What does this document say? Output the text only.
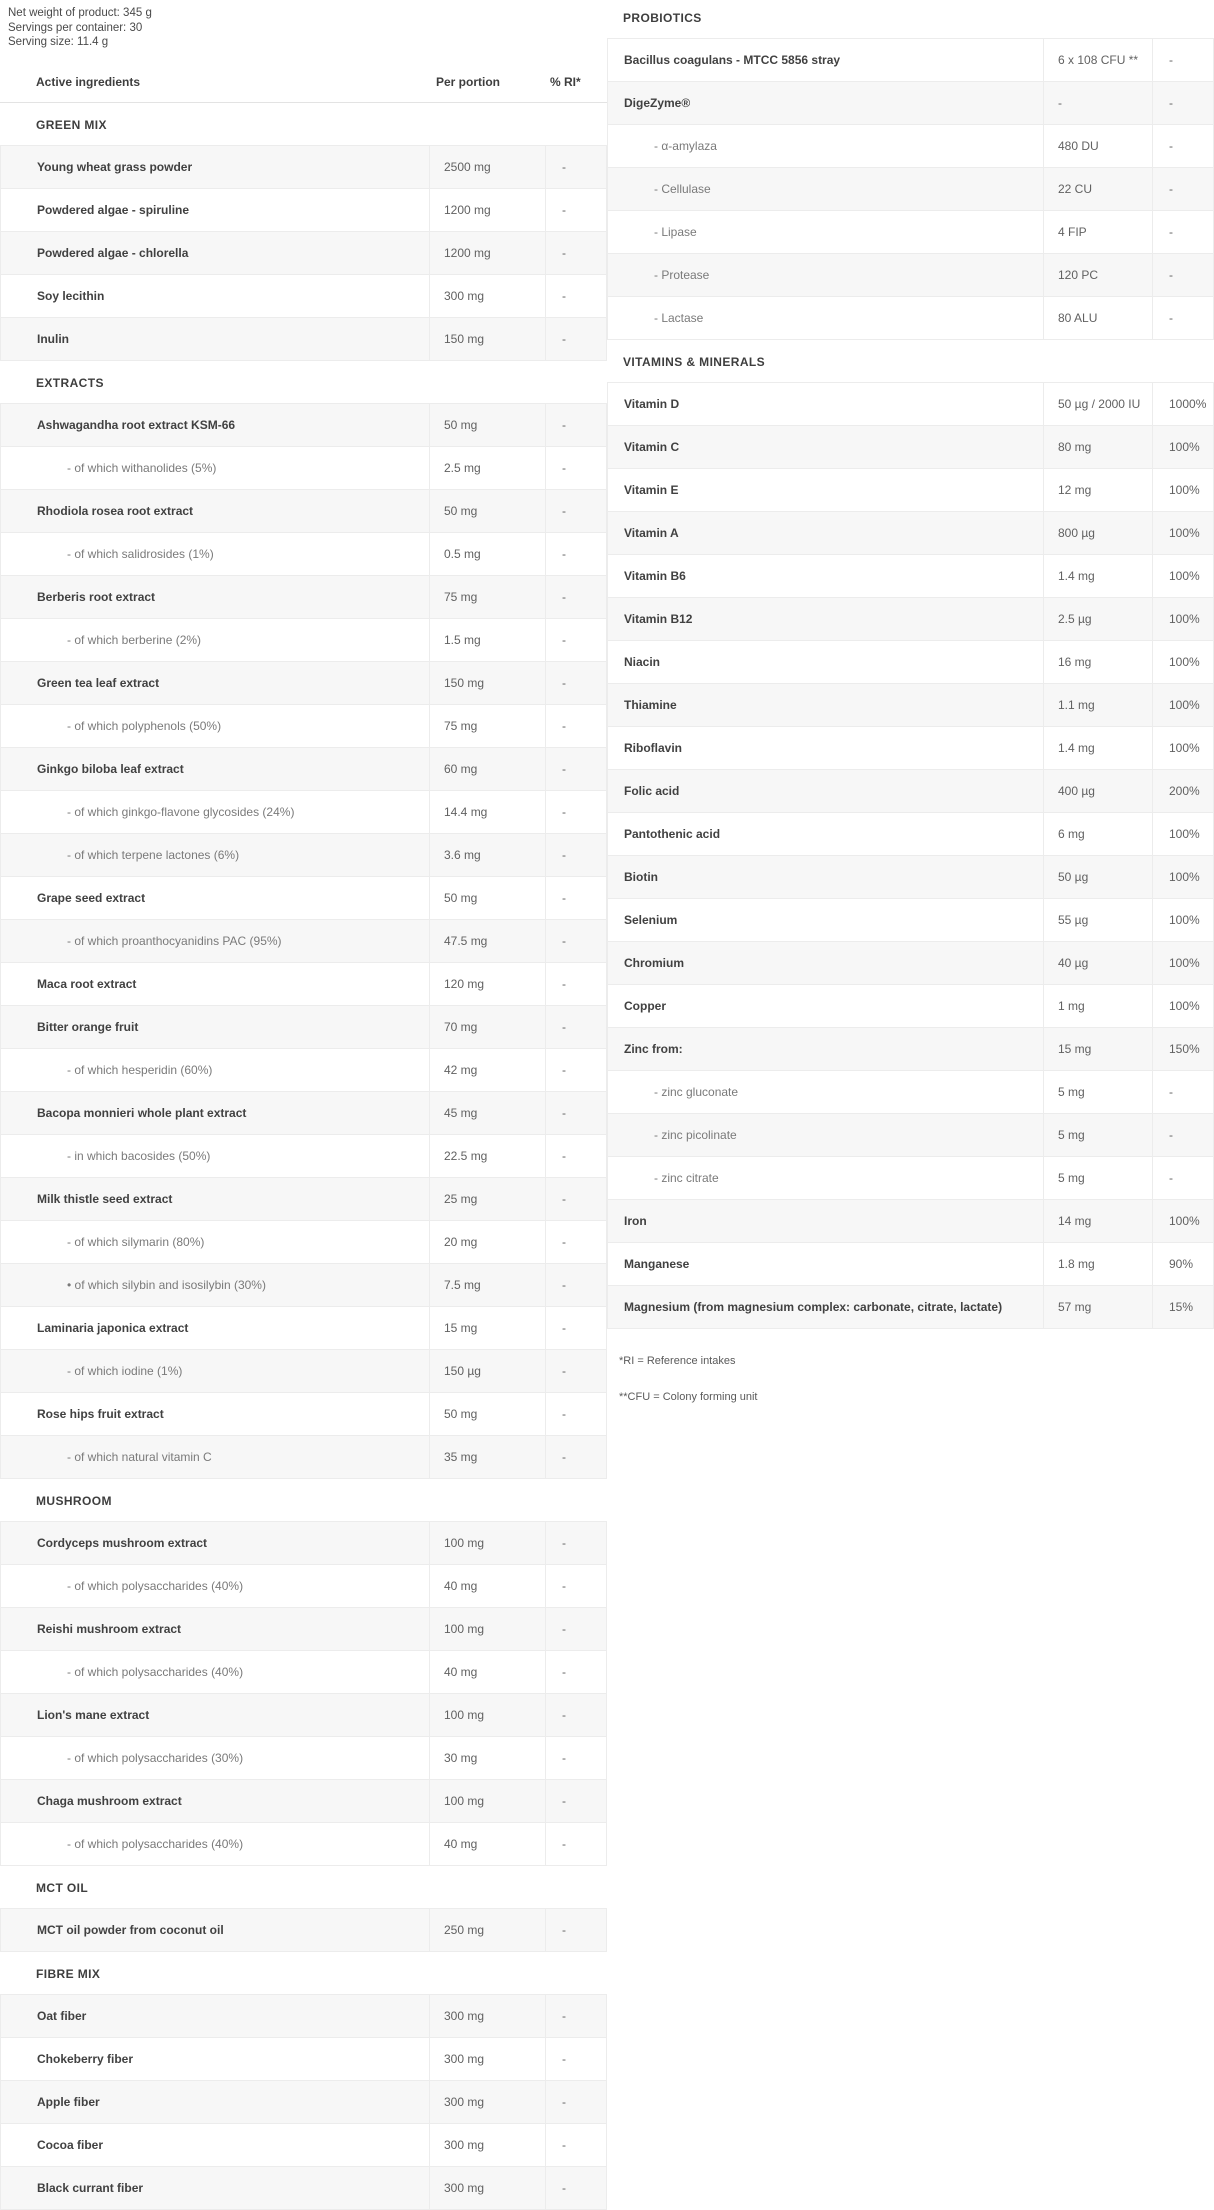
Net weight of product: 345 g
Servings per container: 30
Serving size: 11.4 g
Active ingredients	Per portion	% RI*
GREEN MIX
Young wheat grass powder	2500 mg	-
Powdered algae - spiruline	1200 mg	-
Powdered algae - chlorella	1200 mg	-
Soy lecithin	300 mg	-
Inulin	150 mg	-
EXTRACTS
Ashwagandha root extract KSM-66	50 mg	-
- of which withanolides (5%)	2.5 mg	-
Rhodiola rosea root extract	50 mg	-
- of which salidrosides (1%)	0.5 mg	-
Berberis root extract	75 mg	-
- of which berberine (2%)	1.5 mg	-
Green tea leaf extract	150 mg	-
- of which polyphenols (50%)	75 mg	-
Ginkgo biloba leaf extract	60 mg	-
- of which ginkgo-flavone glycosides (24%)	14.4 mg	-
- of which terpene lactones (6%)	3.6 mg	-
Grape seed extract	50 mg	-
- of which proanthocyanidins PAC (95%)	47.5 mg	-
Maca root extract	120 mg	-
Bitter orange fruit	70 mg	-
- of which hesperidin (60%)	42 mg	-
Bacopa monnieri whole plant extract	45 mg	-
- in which bacosides (50%)	22.5 mg	-
Milk thistle seed extract	25 mg	-
- of which silymarin (80%)	20 mg	-
• of which silybin and isosilybin (30%)	7.5 mg	-
Laminaria japonica extract	15 mg	-
- of which iodine (1%)	150 µg	-
Rose hips fruit extract	50 mg	-
- of which natural vitamin C	35 mg	-
MUSHROOM
Cordyceps mushroom extract	100 mg	-
- of which polysaccharides (40%)	40 mg	-
Reishi mushroom extract	100 mg	-
- of which polysaccharides (40%)	40 mg	-
Lion's mane extract	100 mg	-
- of which polysaccharides (30%)	30 mg	-
Chaga mushroom extract	100 mg	-
- of which polysaccharides (40%)	40 mg	-
MCT OIL
MCT oil powder from coconut oil	250 mg	-
FIBRE MIX
Oat fiber	300 mg	-
Chokeberry fiber	300 mg	-
Apple fiber	300 mg	-
Cocoa fiber	300 mg	-
Black currant fiber	300 mg	-
PROBIOTICS
Bacillus coagulans - MTCC 5856 stray	6 x 108 CFU **	-
DigeZyme®	-	-
- α-amylaza	480 DU	-
- Cellulase	22 CU	-
- Lipase	4 FIP	-
- Protease	120 PC	-
- Lactase	80 ALU	-
VITAMINS & MINERALS
Vitamin D	50 µg / 2000 IU	1000%
Vitamin C	80 mg	100%
Vitamin E	12 mg	100%
Vitamin A	800 µg	100%
Vitamin B6	1.4 mg	100%
Vitamin B12	2.5 µg	100%
Niacin	16 mg	100%
Thiamine	1.1 mg	100%
Riboflavin	1.4 mg	100%
Folic acid	400 µg	200%
Pantothenic acid	6 mg	100%
Biotin	50 µg	100%
Selenium	55 µg	100%
Chromium	40 µg	100%
Copper	1 mg	100%
Zinc from:	15 mg	150%
- zinc gluconate	5 mg	-
- zinc picolinate	5 mg	-
- zinc citrate	5 mg	-
Iron	14 mg	100%
Manganese	1.8 mg	90%
Magnesium (from magnesium complex: carbonate, citrate, lactate)	57 mg	15%
*RI = Reference intakes
**CFU = Colony forming unit
